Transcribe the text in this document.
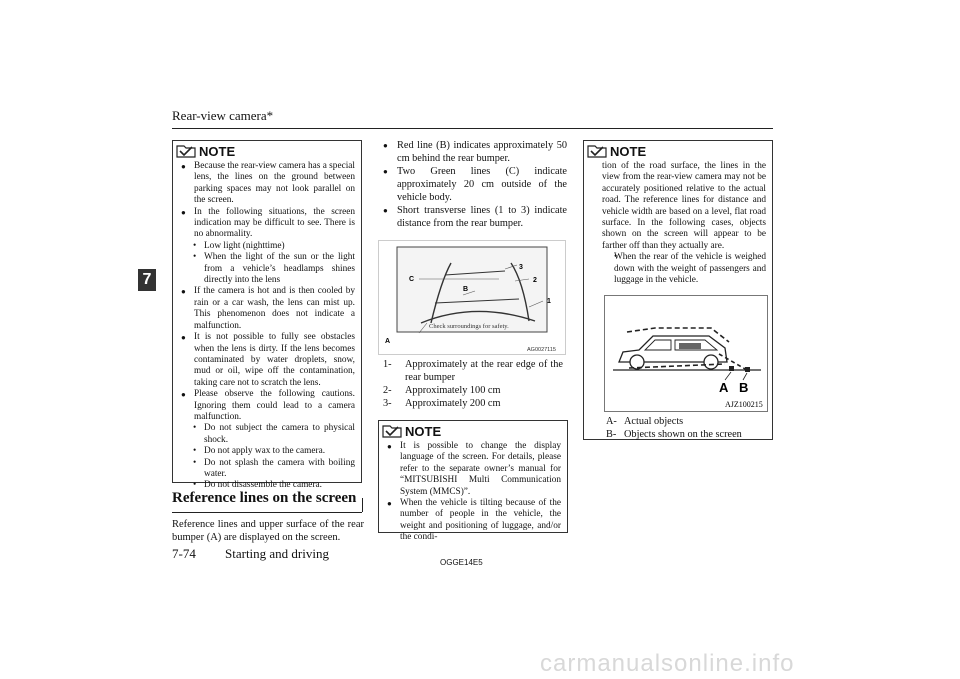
Rear-view camera*
7
NOTE
● Because the rear-view camera has a special lens, the lines on the ground between parking spaces may not look parallel on the screen.
● In the following situations, the screen indication may be difficult to see. There is no abnormality.
• Low light (nighttime)
• When the light of the sun or the light from a vehicle’s headlamps shines directly into the lens
● If the camera is hot and is then cooled by rain or a car wash, the lens can mist up. This phenomenon does not indicate a malfunction.
● It is not possible to fully see obstacles when the lens is dirty. If the lens becomes contaminated by water droplets, snow, mud or oil, wipe off the contamination, taking care not to scratch the lens.
● Please observe the following cautions. Ignoring them could lead to a camera malfunction.
• Do not subject the camera to physical shock.
• Do not apply wax to the camera.
• Do not splash the camera with boiling water.
• Do not disassemble the camera.
Reference lines on the screen
Reference lines and upper surface of the rear bumper (A) are displayed on the screen.
● Red line (B) indicates approximately 50 cm behind the rear bumper.
● Two Green lines (C) indicate approximately 20 cm outside of the vehicle body.
● Short transverse lines (1 to 3) indicate distance from the rear bumper.
Check surroundings for safety.
C
B
3
2
1
A
AG0027115
1-	Approximately at the rear edge of the rear bumper
2-	Approximately 100 cm
3-	Approximately 200 cm
NOTE
● It is possible to change the display language of the screen. For details, please refer to the separate owner’s manual for “MITSUBISHI Multi Communication System (MMCS)”.
● When the vehicle is tilting because of the number of people in the vehicle, the weight and positioning of luggage, and/or the condi-
NOTE
tion of the road surface, the lines in the view from the rear-view camera may not be accurately positioned relative to the actual road. The reference lines for distance and vehicle width are based on a level, flat road surface. In the following cases, objects shown on the screen will appear to be farther off than they actually are.
• When the rear of the vehicle is weighed down with the weight of passengers and luggage in the vehicle.
A B
AJZ100215
A- Actual objects
B- Objects shown on the screen
7-74 Starting and driving
OGGE14E5
carmanualsonline.info
